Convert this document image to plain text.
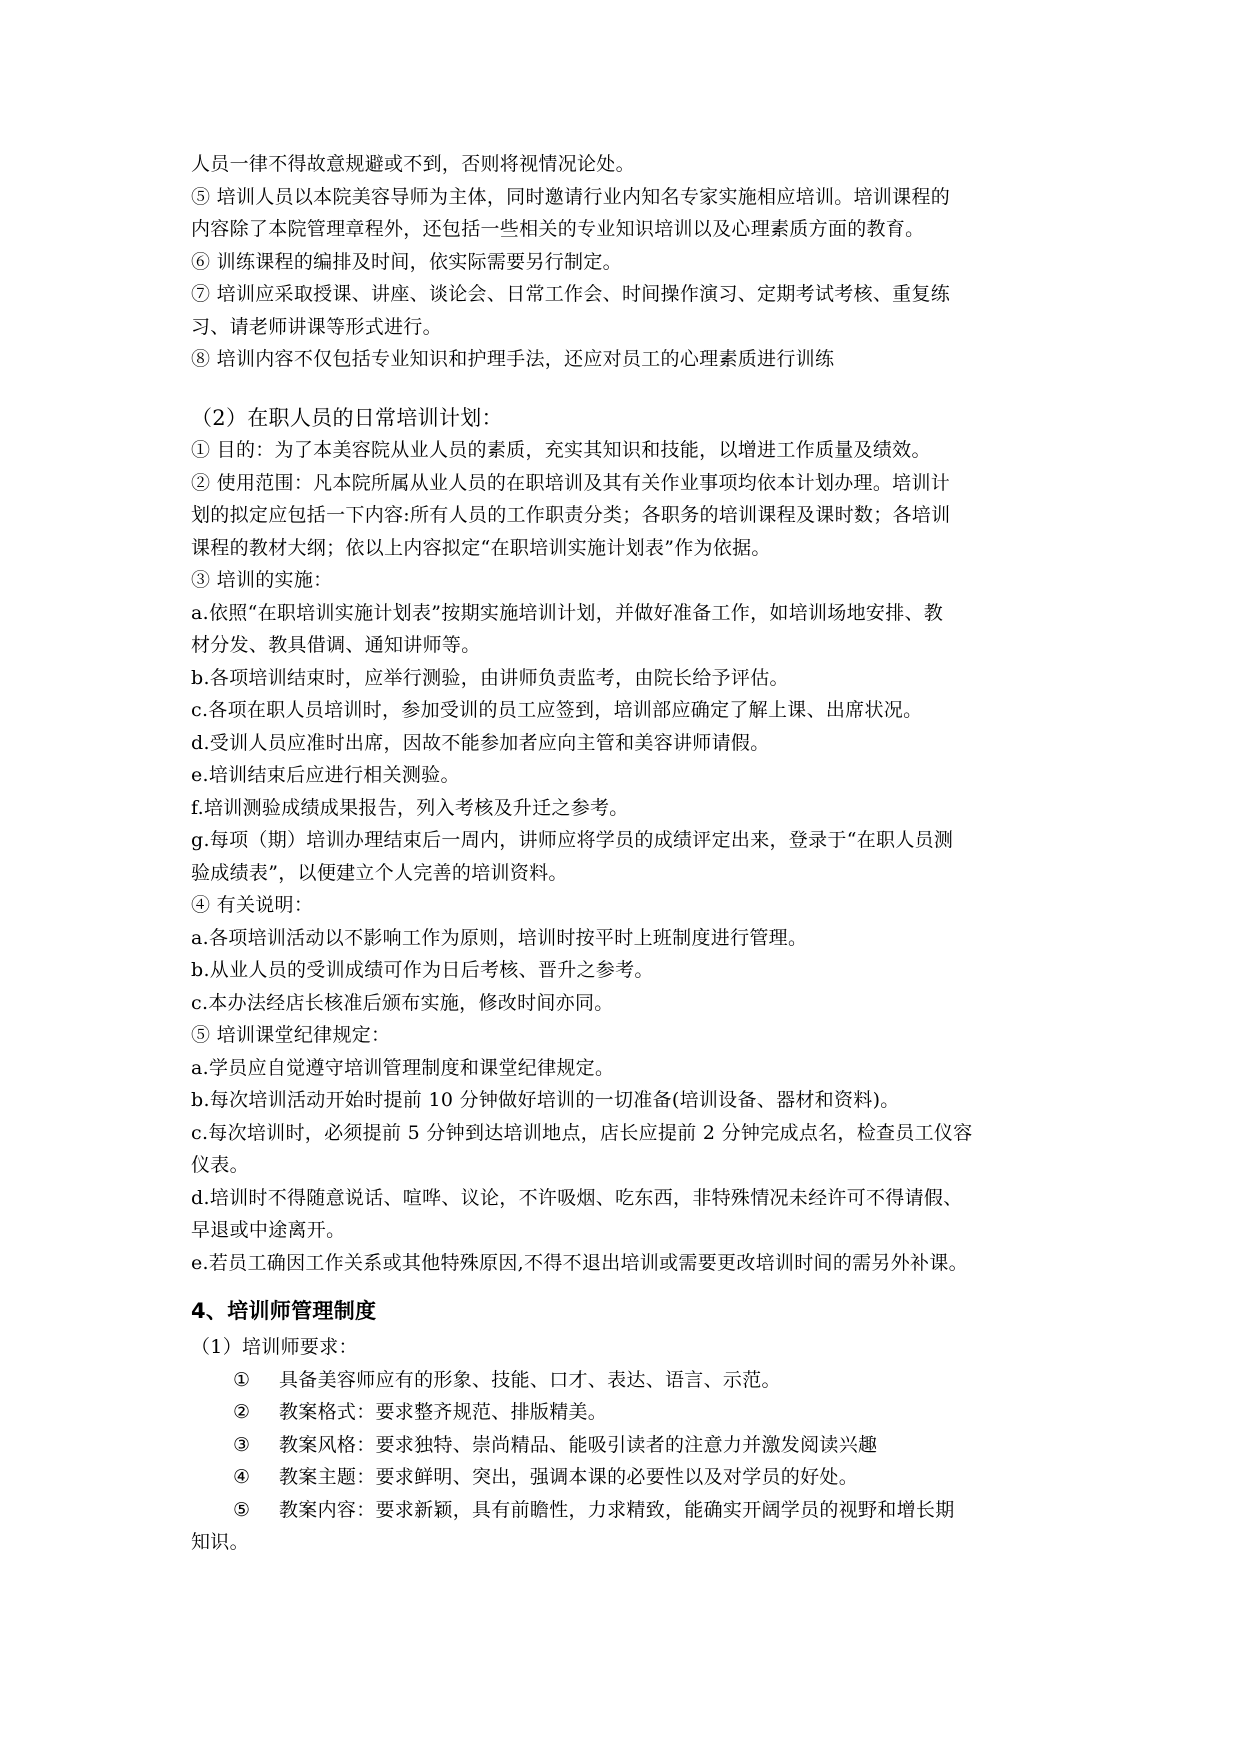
人员一律不得故意规避或不到，否则将视情况论处。
⑤ 培训人员以本院美容导师为主体，同时邀请行业内知名专家实施相应培训。培训课程的
内容除了本院管理章程外，还包括一些相关的专业知识培训以及心理素质方面的教育。
⑥ 训练课程的编排及时间，依实际需要另行制定。
⑦ 培训应采取授课、讲座、谈论会、日常工作会、时间操作演习、定期考试考核、重复练
习、请老师讲课等形式进行。
⑧ 培训内容不仅包括专业知识和护理手法，还应对员工的心理素质进行训练
（2）在职人员的日常培训计划：
① 目的：为了本美容院从业人员的素质，充实其知识和技能，以增进工作质量及绩效。
② 使用范围：凡本院所属从业人员的在职培训及其有关作业事项均依本计划办理。培训计
划的拟定应包括一下内容:所有人员的工作职责分类；各职务的培训课程及课时数；各培训
课程的教材大纲；依以上内容拟定“在职培训实施计划表”作为依据。
③ 培训的实施：
a.依照“在职培训实施计划表”按期实施培训计划，并做好准备工作，如培训场地安排、教
材分发、教具借调、通知讲师等。
b.各项培训结束时，应举行测验，由讲师负责监考，由院长给予评估。
c.各项在职人员培训时，参加受训的员工应签到，培训部应确定了解上课、出席状况。
d.受训人员应准时出席，因故不能参加者应向主管和美容讲师请假。
e.培训结束后应进行相关测验。
f.培训测验成绩成果报告，列入考核及升迁之参考。
g.每项（期）培训办理结束后一周内，讲师应将学员的成绩评定出来，登录于“在职人员测
验成绩表”，以便建立个人完善的培训资料。
④ 有关说明：
a.各项培训活动以不影响工作为原则，培训时按平时上班制度进行管理。
b.从业人员的受训成绩可作为日后考核、晋升之参考。
c.本办法经店长核准后颁布实施，修改时间亦同。
⑤ 培训课堂纪律规定：
a.学员应自觉遵守培训管理制度和课堂纪律规定。
b.每次培训活动开始时提前 10 分钟做好培训的一切准备(培训设备、器材和资料)。
c.每次培训时，必须提前 5 分钟到达培训地点，店长应提前 2 分钟完成点名，检查员工仪容
仪表。
d.培训时不得随意说话、喧哗、议论，不许吸烟、吃东西，非特殊情况未经许可不得请假、
早退或中途离开。
e.若员工确因工作关系或其他特殊原因,不得不退出培训或需要更改培训时间的需另外补课。
4、培训师管理制度
（1）培训师要求：
① 具备美容师应有的形象、技能、口才、表达、语言、示范。
② 教案格式：要求整齐规范、排版精美。
③ 教案风格：要求独特、崇尚精品、能吸引读者的注意力并激发阅读兴趣
④ 教案主题：要求鲜明、突出，强调本课的必要性以及对学员的好处。
⑤ 教案内容：要求新颖，具有前瞻性，力求精致，能确实开阔学员的视野和增长期
知识。
